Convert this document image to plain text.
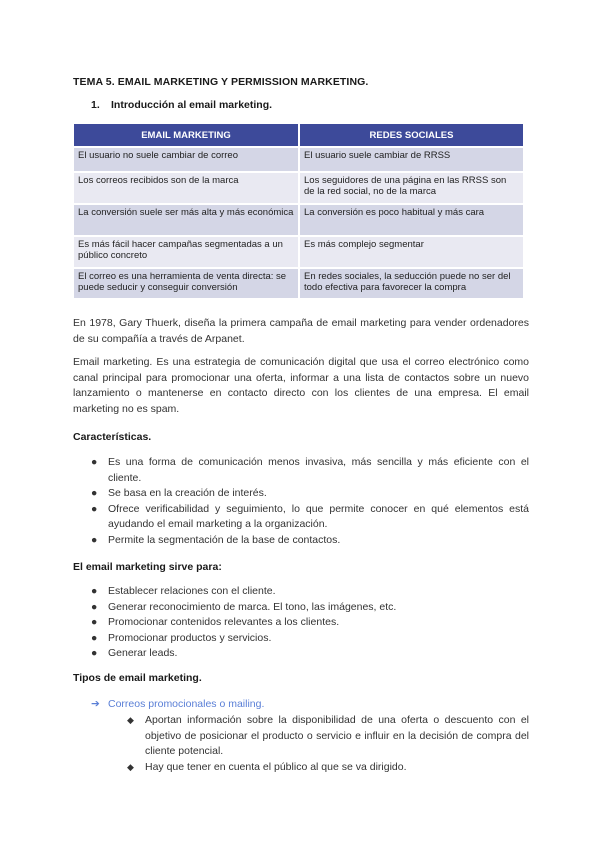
TEMA 5. EMAIL MARKETING Y PERMISSION MARKETING.
1. Introducción al email marketing.
EMAIL MARKETING	REDES SOCIALES
El usuario no suele cambiar de correo	El usuario suele cambiar de RRSS
Los correos recibidos son de la marca	Los seguidores de una página en las RRSS son de la red social, no de la marca
La conversión suele ser más alta y más económica	La conversión es poco habitual y más cara
Es más fácil hacer campañas segmentadas a un público concreto	Es más complejo segmentar
El correo es una herramienta de venta directa: se puede seducir y conseguir conversión	En redes sociales, la seducción puede no ser del todo efectiva para favorecer la compra
En 1978, Gary Thuerk, diseña la primera campaña de email marketing para vender ordenadores de su compañía a través de Arpanet.
Email marketing. Es una estrategia de comunicación digital que usa el correo electrónico como canal principal para promocionar una oferta, informar a una lista de contactos sobre un nuevo lanzamiento o mantenerse en contacto directo con los clientes de una empresa. El email marketing no es spam.
Características.
● Es una forma de comunicación menos invasiva, más sencilla y más eficiente con el cliente.
● Se basa en la creación de interés.
● Ofrece verificabilidad y seguimiento, lo que permite conocer en qué elementos está ayudando el email marketing a la organización.
● Permite la segmentación de la base de contactos.
El email marketing sirve para:
● Establecer relaciones con el cliente.
● Generar reconocimiento de marca. El tono, las imágenes, etc.
● Promocionar contenidos relevantes a los clientes.
● Promocionar productos y servicios.
● Generar leads.
Tipos de email marketing.
➔ Correos promocionales o mailing.
◆ Aportan información sobre la disponibilidad de una oferta o descuento con el objetivo de posicionar el producto o servicio e influir en la decisión de compra del cliente potencial.
◆ Hay que tener en cuenta el público al que se va dirigido.
